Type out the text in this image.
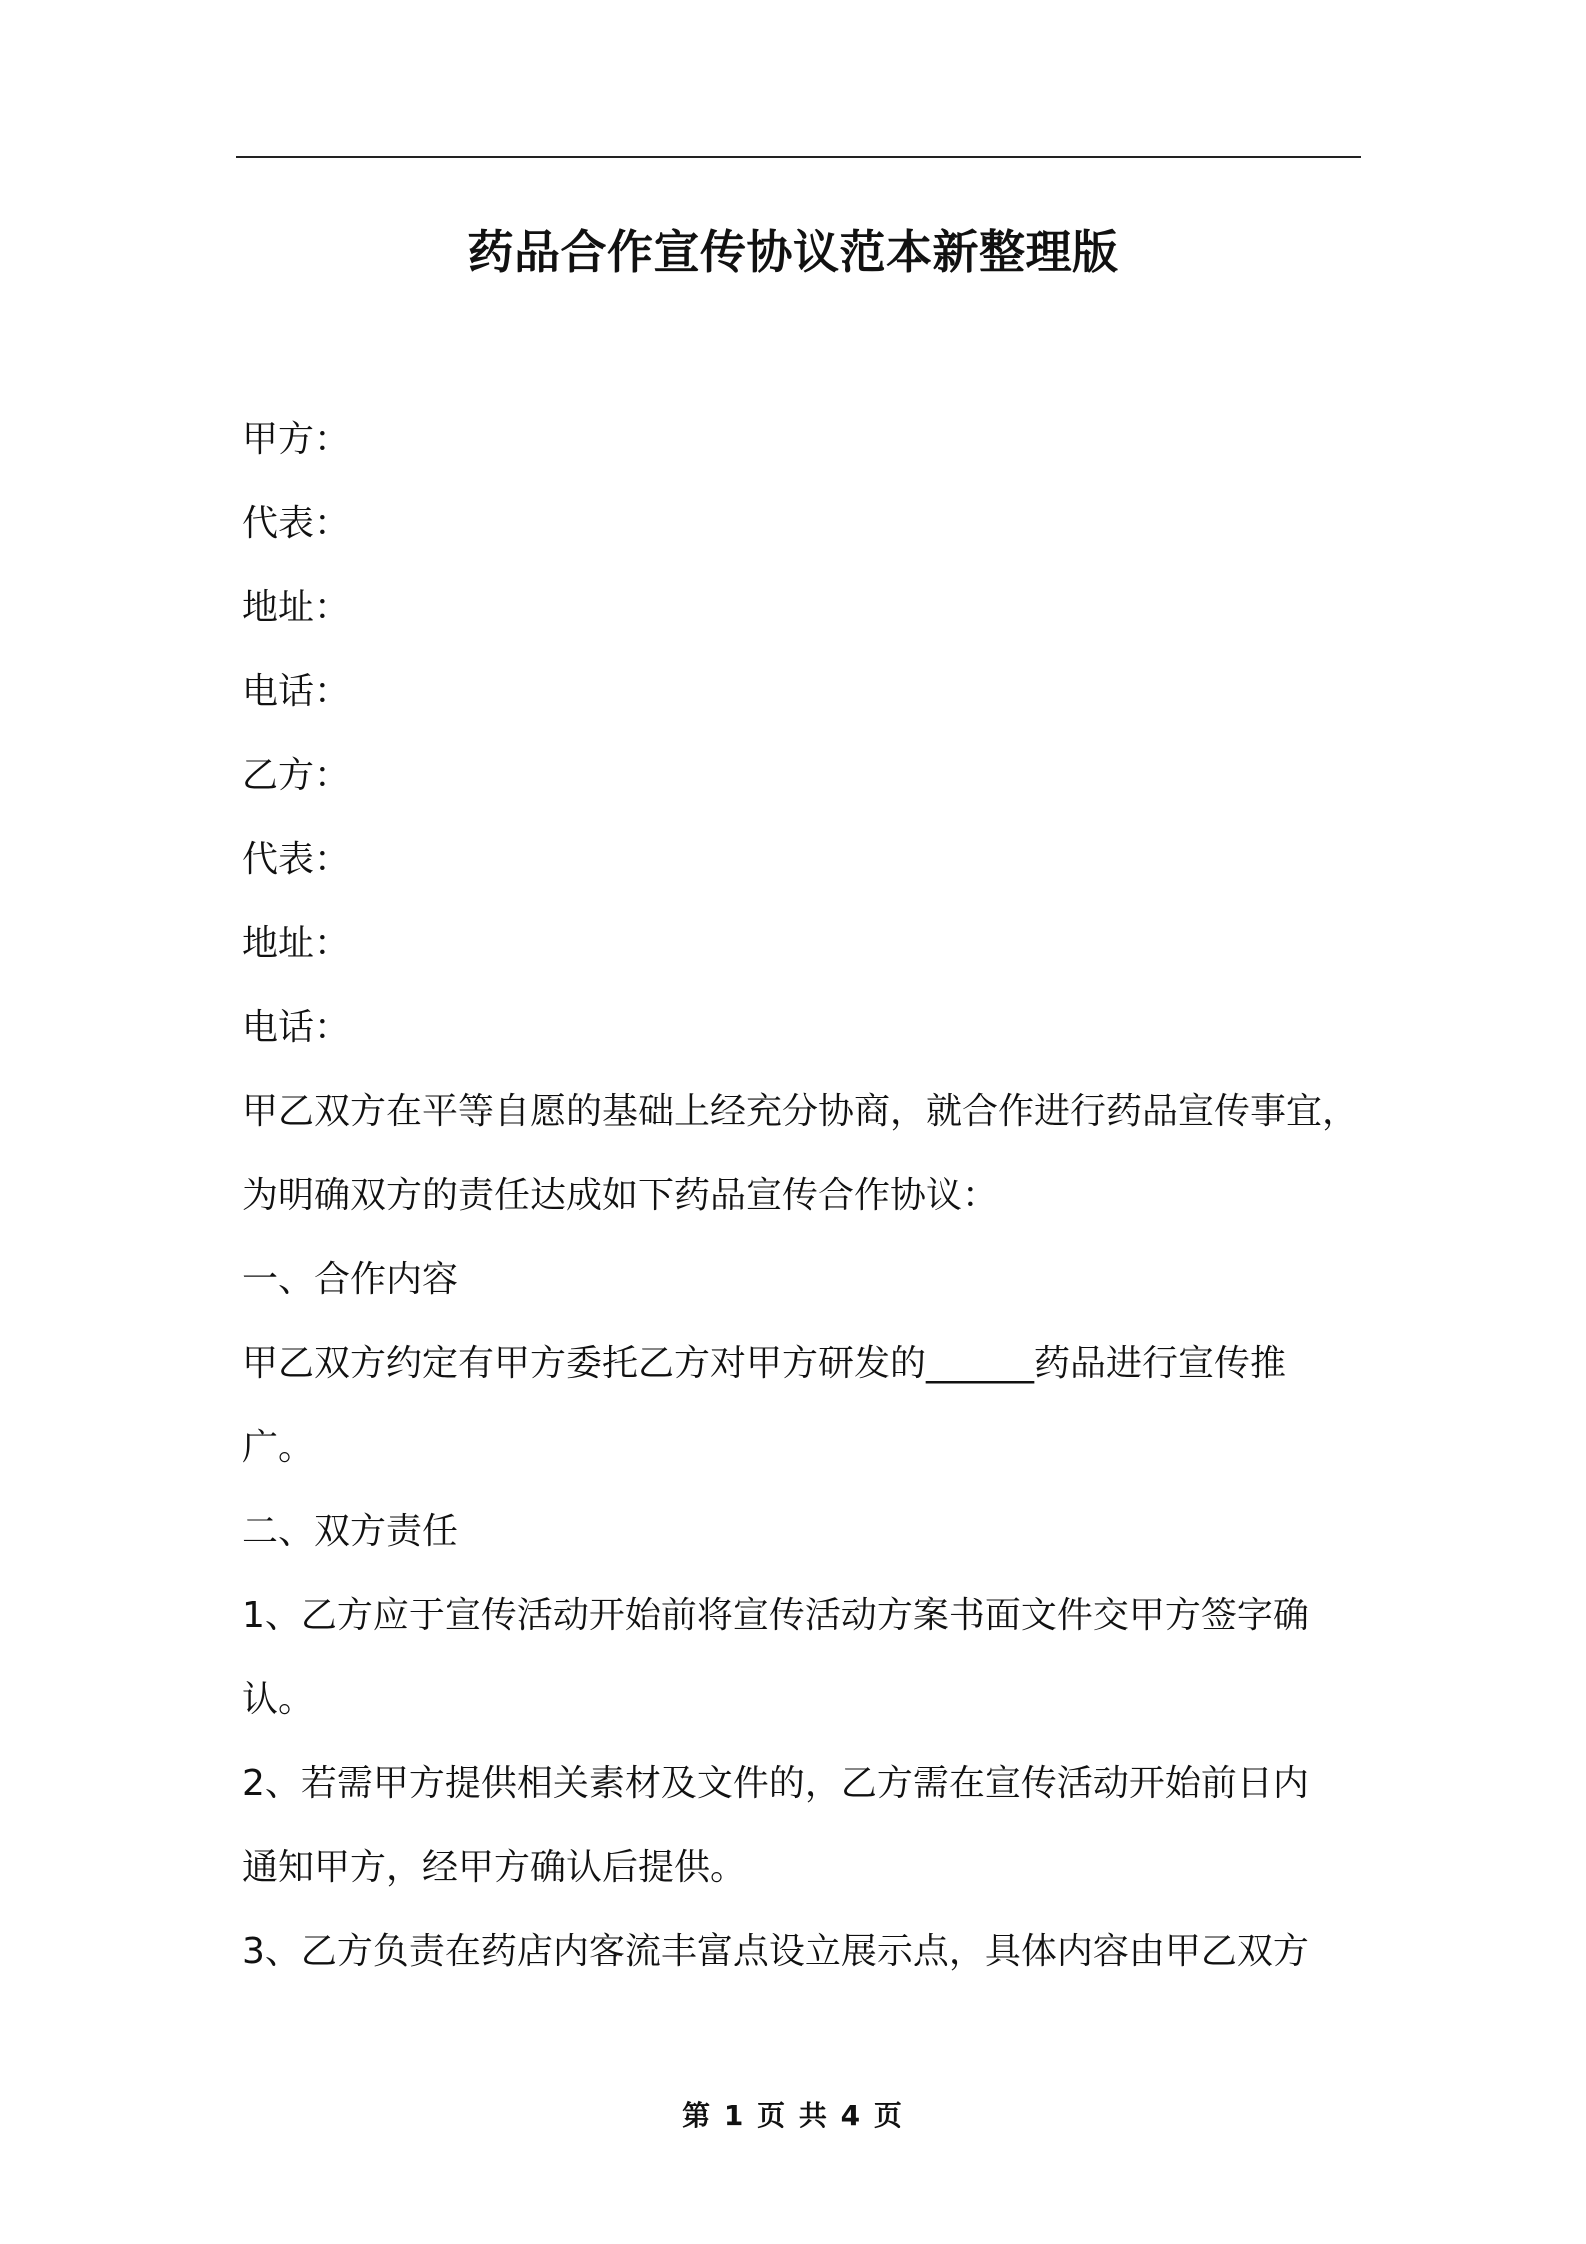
药品合作宣传协议范本新整理版
甲方：
代表：
地址：
电话：
乙方：
代表：
地址：
电话：
甲乙双方在平等自愿的基础上经充分协商，就合作进行药品宣传事宜，
为明确双方的责任达成如下药品宣传合作协议：
一、合作内容
甲乙双方约定有甲方委托乙方对甲方研发的______药品进行宣传推
广。
二、双方责任
1、乙方应于宣传活动开始前将宣传活动方案书面文件交甲方签字确
认。
2、若需甲方提供相关素材及文件的，乙方需在宣传活动开始前日内
通知甲方，经甲方确认后提供。
3、乙方负责在药店内客流丰富点设立展示点，具体内容由甲乙双方
第 1 页 共 4 页
